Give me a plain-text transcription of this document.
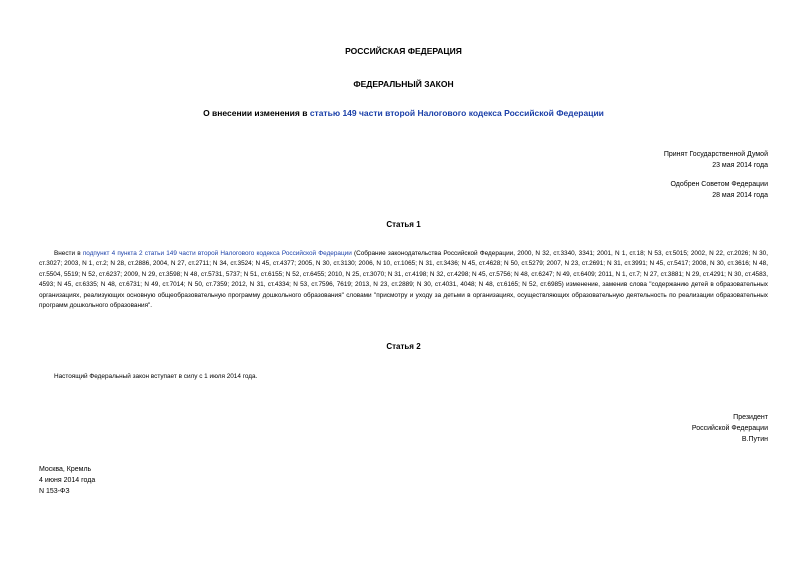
РОССИЙСКАЯ ФЕДЕРАЦИЯ
ФЕДЕРАЛЬНЫЙ ЗАКОН
О внесении изменения в статью 149 части второй Налогового кодекса Российской Федерации
Принят Государственной Думой
23 мая 2014 года
Одобрен Советом Федерации
28 мая 2014 года
Статья 1
Внести в подпункт 4 пункта 2 статьи 149 части второй Налогового кодекса Российской Федерации (Собрание законодательства Российской Федерации, 2000, N 32, ст.3340, 3341; 2001, N 1, ст.18; N 53, ст.5015; 2002, N 22, ст.2026; N 30, ст.3027; 2003, N 1, ст.2; N 28, ст.2886, 2004, N 27, ст.2711; N 34, ст.3524; N 45, ст.4377; 2005, N 30, ст.3130; 2006, N 10, ст.1065; N 31, ст.3436; N 45, ст.4628; N 50, ст.5279; 2007, N 23, ст.2691; N 31, ст.3991; N 45, ст.5417; 2008, N 30, ст.3616; N 48, ст.5504, 5519; N 52, ст.6237; 2009, N 29, ст.3598; N 48, ст.5731, 5737; N 51, ст.6155; N 52, ст.6455; 2010, N 25, ст.3070; N 31, ст.4198; N 32, ст.4298; N 45, ст.5756; N 48, ст.6247; N 49, ст.6409; 2011, N 1, ст.7; N 27, ст.3881; N 29, ст.4291; N 30, ст.4583, 4593; N 45, ст.6335; N 48, ст.6731; N 49, ст.7014; N 50, ст.7359; 2012, N 31, ст.4334; N 53, ст.7596, 7619; 2013, N 23, ст.2889; N 30, ст.4031, 4048; N 48, ст.6165; N 52, ст.6985) изменение, заменив слова "содержанию детей в образовательных организациях, реализующих основную общеобразовательную программу дошкольного образования" словами "присмотру и уходу за детьми в организациях, осуществляющих образовательную деятельность по реализации образовательных программ дошкольного образования".
Статья 2
Настоящий Федеральный закон вступает в силу с 1 июля 2014 года.
Президент
Российской Федерации
В.Путин
Москва, Кремль
4 июня 2014 года
N 153-ФЗ
